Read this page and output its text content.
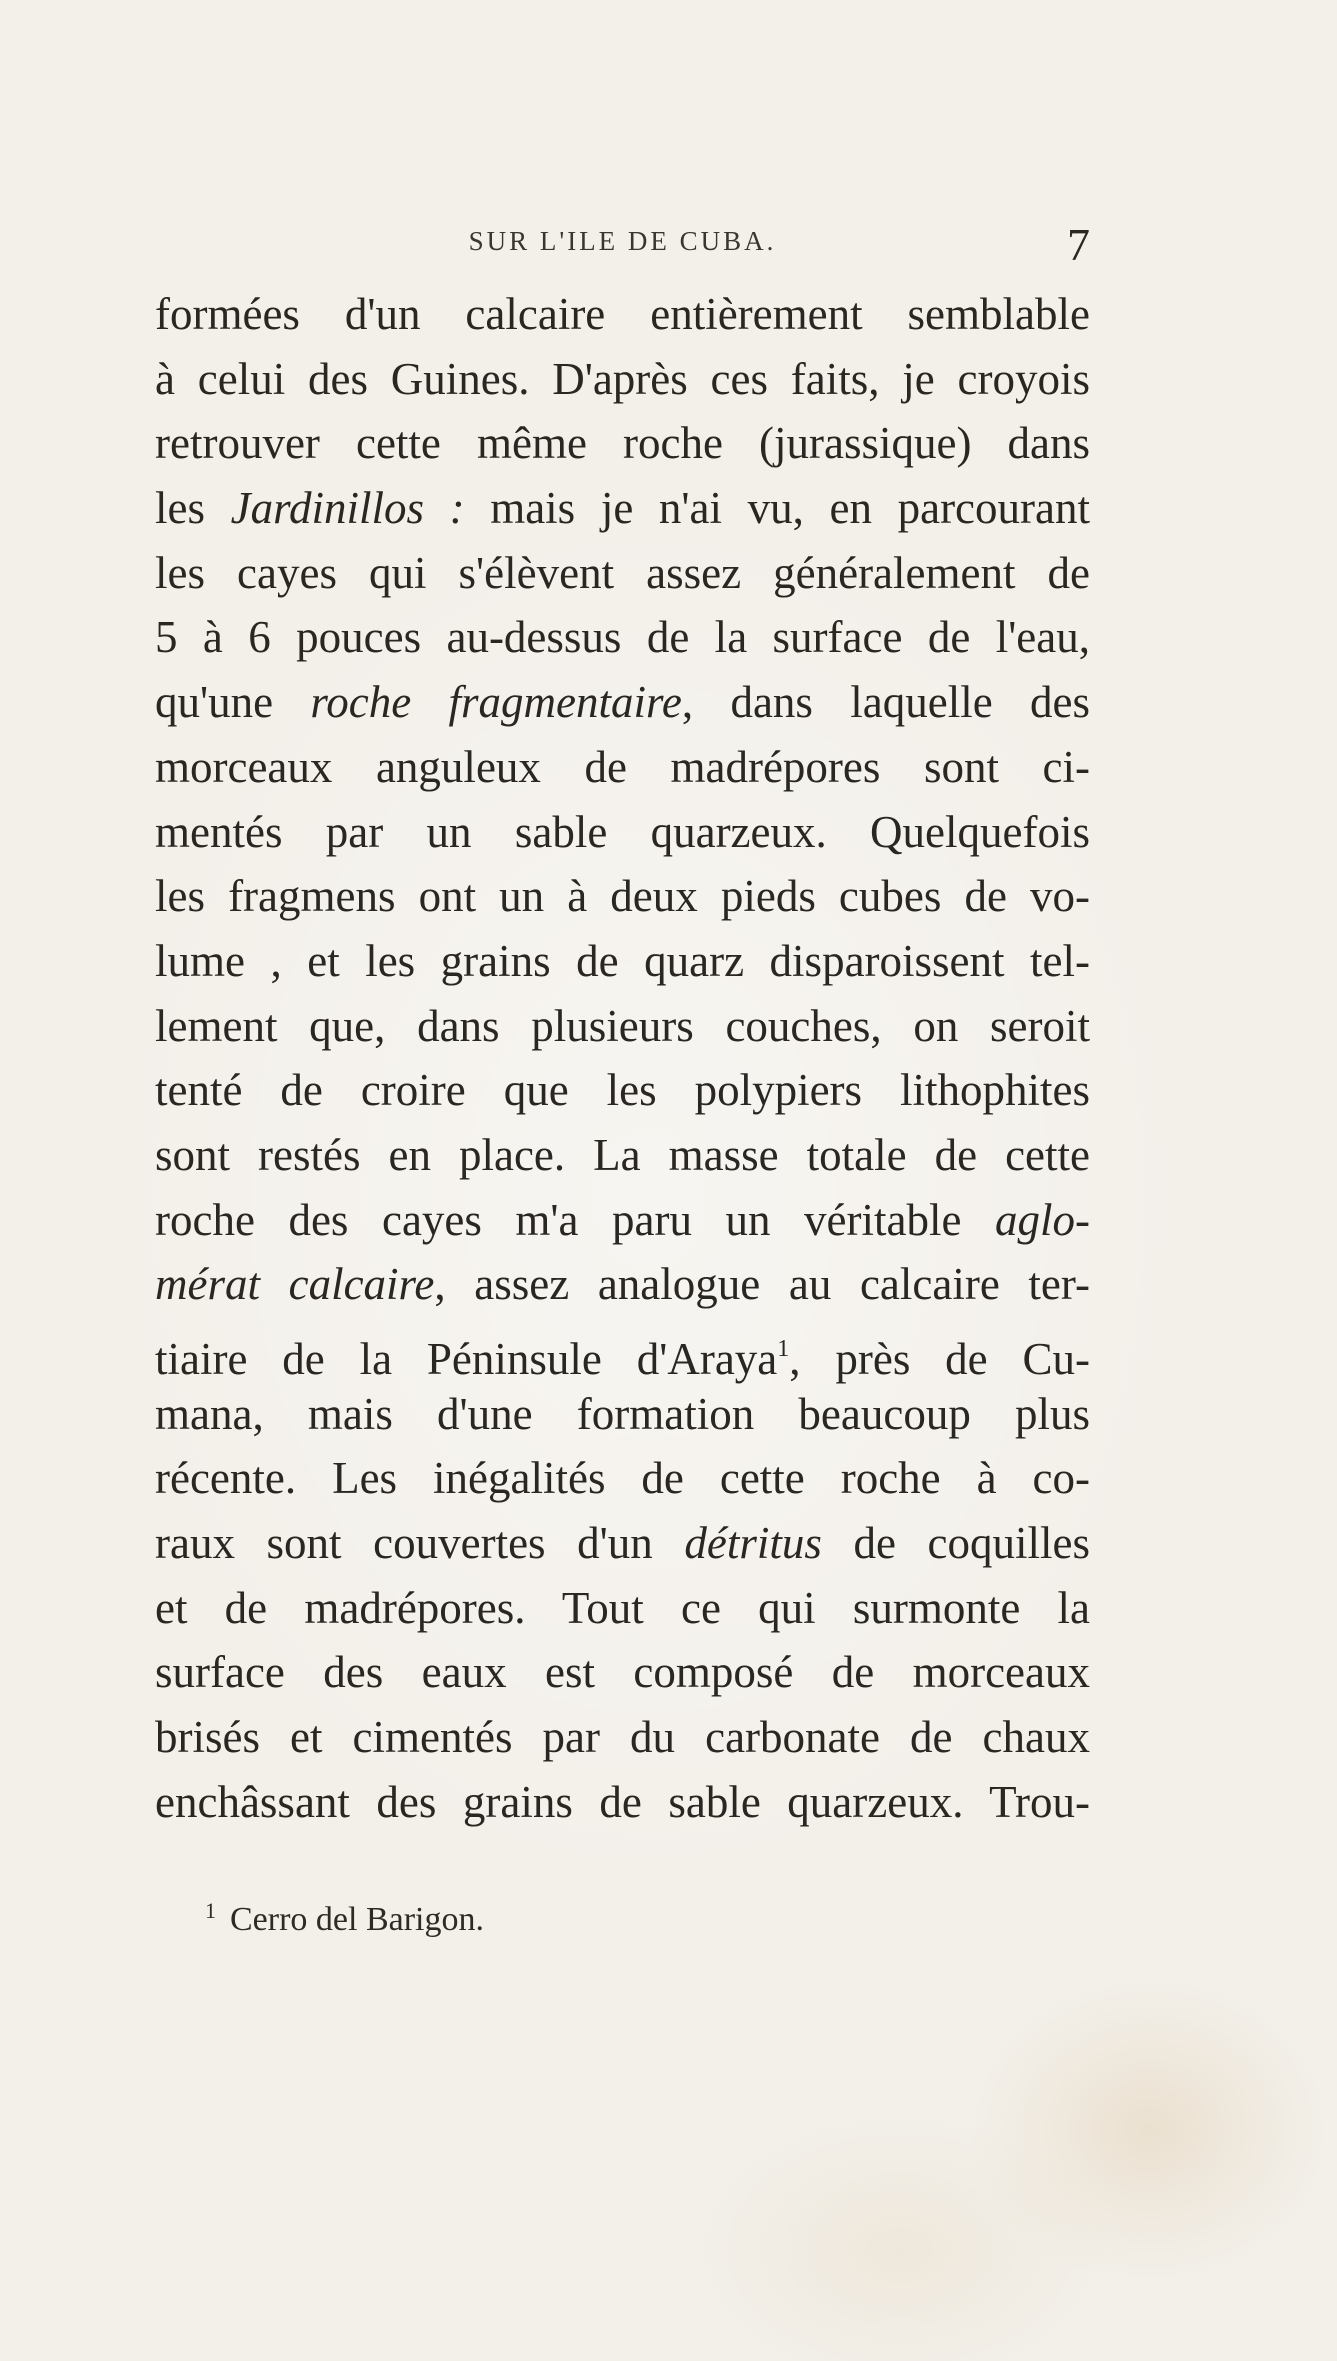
SUR L'ILE DE CUBA.	7
formées d'un calcaire entièrement semblable
à celui des Guines. D'après ces faits, je croyois
retrouver cette même roche (jurassique) dans
les Jardinillos : mais je n'ai vu, en parcourant
les cayes qui s'élèvent assez généralement de
5 à 6 pouces au-dessus de la surface de l'eau,
qu'une roche fragmentaire, dans laquelle des
morceaux anguleux de madrépores sont ci-
mentés par un sable quarzeux. Quelquefois
les fragmens ont un à deux pieds cubes de vo-
lume , et les grains de quarz disparoissent tel-
lement que, dans plusieurs couches, on seroit
tenté de croire que les polypiers lithophites
sont restés en place. La masse totale de cette
roche des cayes m'a paru un véritable aglo-
mérat calcaire, assez analogue au calcaire ter-
tiaire de la Péninsule d'Araya$^1$, près de Cu-
mana, mais d'une formation beaucoup plus
récente. Les inégalités de cette roche à co-
raux sont couvertes d'un détritus de coquilles
et de madrépores. Tout ce qui surmonte la
surface des eaux est composé de morceaux
brisés et cimentés par du carbonate de chaux
enchâssant des grains de sable quarzeux. Trou-
$^1$ Cerro del Barigon.
